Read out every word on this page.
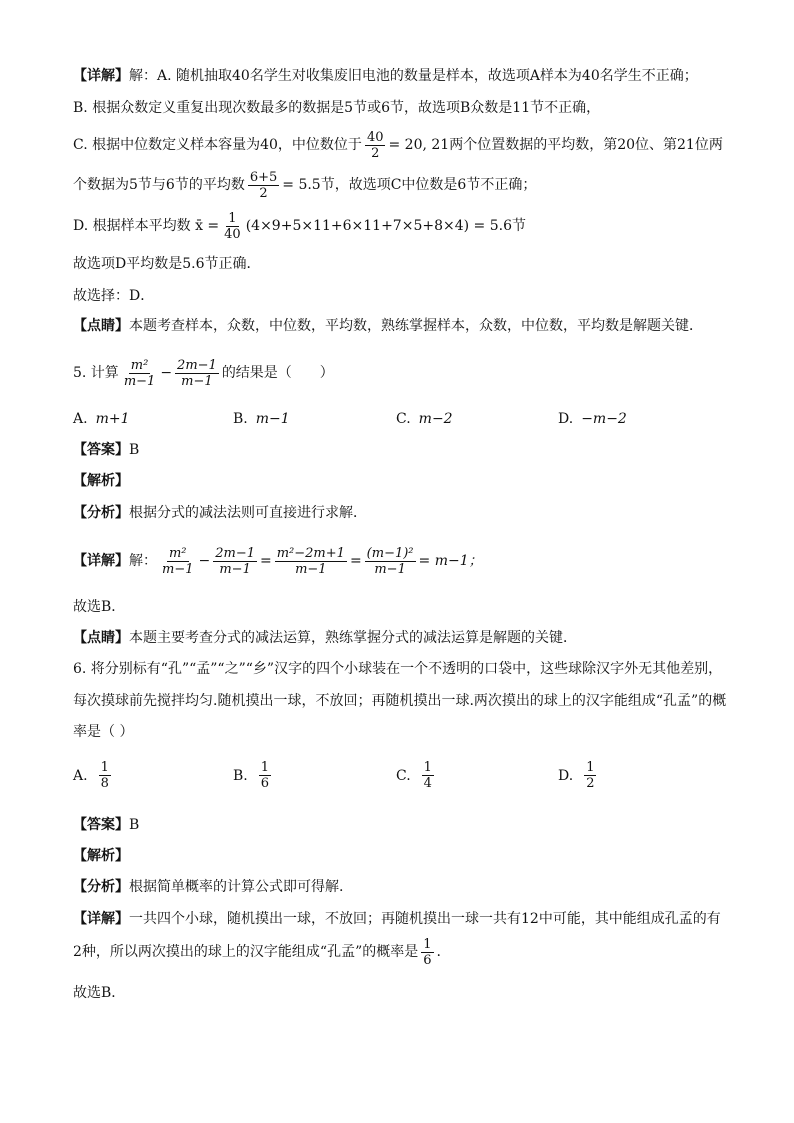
【详解】 解：A. 随机抽取40名学生对收集废旧电池的数量是样本，故选项A样本为40名学生不正确；
B. 根据众数定义重复出现次数最多的数据是5节或6节，故选项B众数是11节不正确，
C. 根据中位数定义样本容量为40，中位数位于 $\frac{40}{2} = 20$, 21两个位置数据的平均数，第20位、第21位两
个数据为5节与6节的平均数 $\frac{6+5}{2} = 5.5$节，故选项C中位数是6节不正确；
D. 根据样本平均数 x̄ = $\frac{1}{40} (4\times 9+5\times 11+6\times 11+7\times 5+8\times 4) = 5.6$节
故选项D平均数是5.6节正确．
故选择：D．
【点睛】 本题考查样本，众数，中位数，平均数，熟练掌握样本，众数，中位数，平均数是解题关键．
5. 计算 $\frac{\text{m²}}{m-1} - \frac{2m-1}{m-1}$ 的结果是（　　）
A. m+1	B. m−1	C. m−2	D. −m−2
【答案】 B
【解析】
【分析】 根据分式的减法法则可直接进行求解．
【详解】 解： $\frac{\text{m²}}{m-1} - \frac{2m-1}{m-1} = \frac{\text{m²−2m+1}}{m-1} = \frac{\text{(m−1)²}}{m-1} = m-1$；
故选B．
【点睛】 本题主要考查分式的减法运算，熟练掌握分式的减法运算是解题的关键．
6. 将分别标有“孔”“孟”“之”“乡”汉字的四个小球装在一个不透明的口袋中，这些球除汉字外无其他差别，
每次摸球前先搅拌均匀.随机摸出一球，不放回；再随机摸出一球.两次摸出的球上的汉字能组成“孔孟”的概
率是（ ）
A. $\frac{1}{8}$	B. $\frac{1}{6}$	C. $\frac{1}{4}$	D. $\frac{1}{2}$
【答案】 B
【解析】
【分析】 根据简单概率的计算公式即可得解.
【详解】 一共四个小球，随机摸出一球，不放回；再随机摸出一球一共有12中可能，其中能组成孔孟的有
2种，所以两次摸出的球上的汉字能组成“孔孟”的概率是 $\frac{1}{6}$ .
故选B．
